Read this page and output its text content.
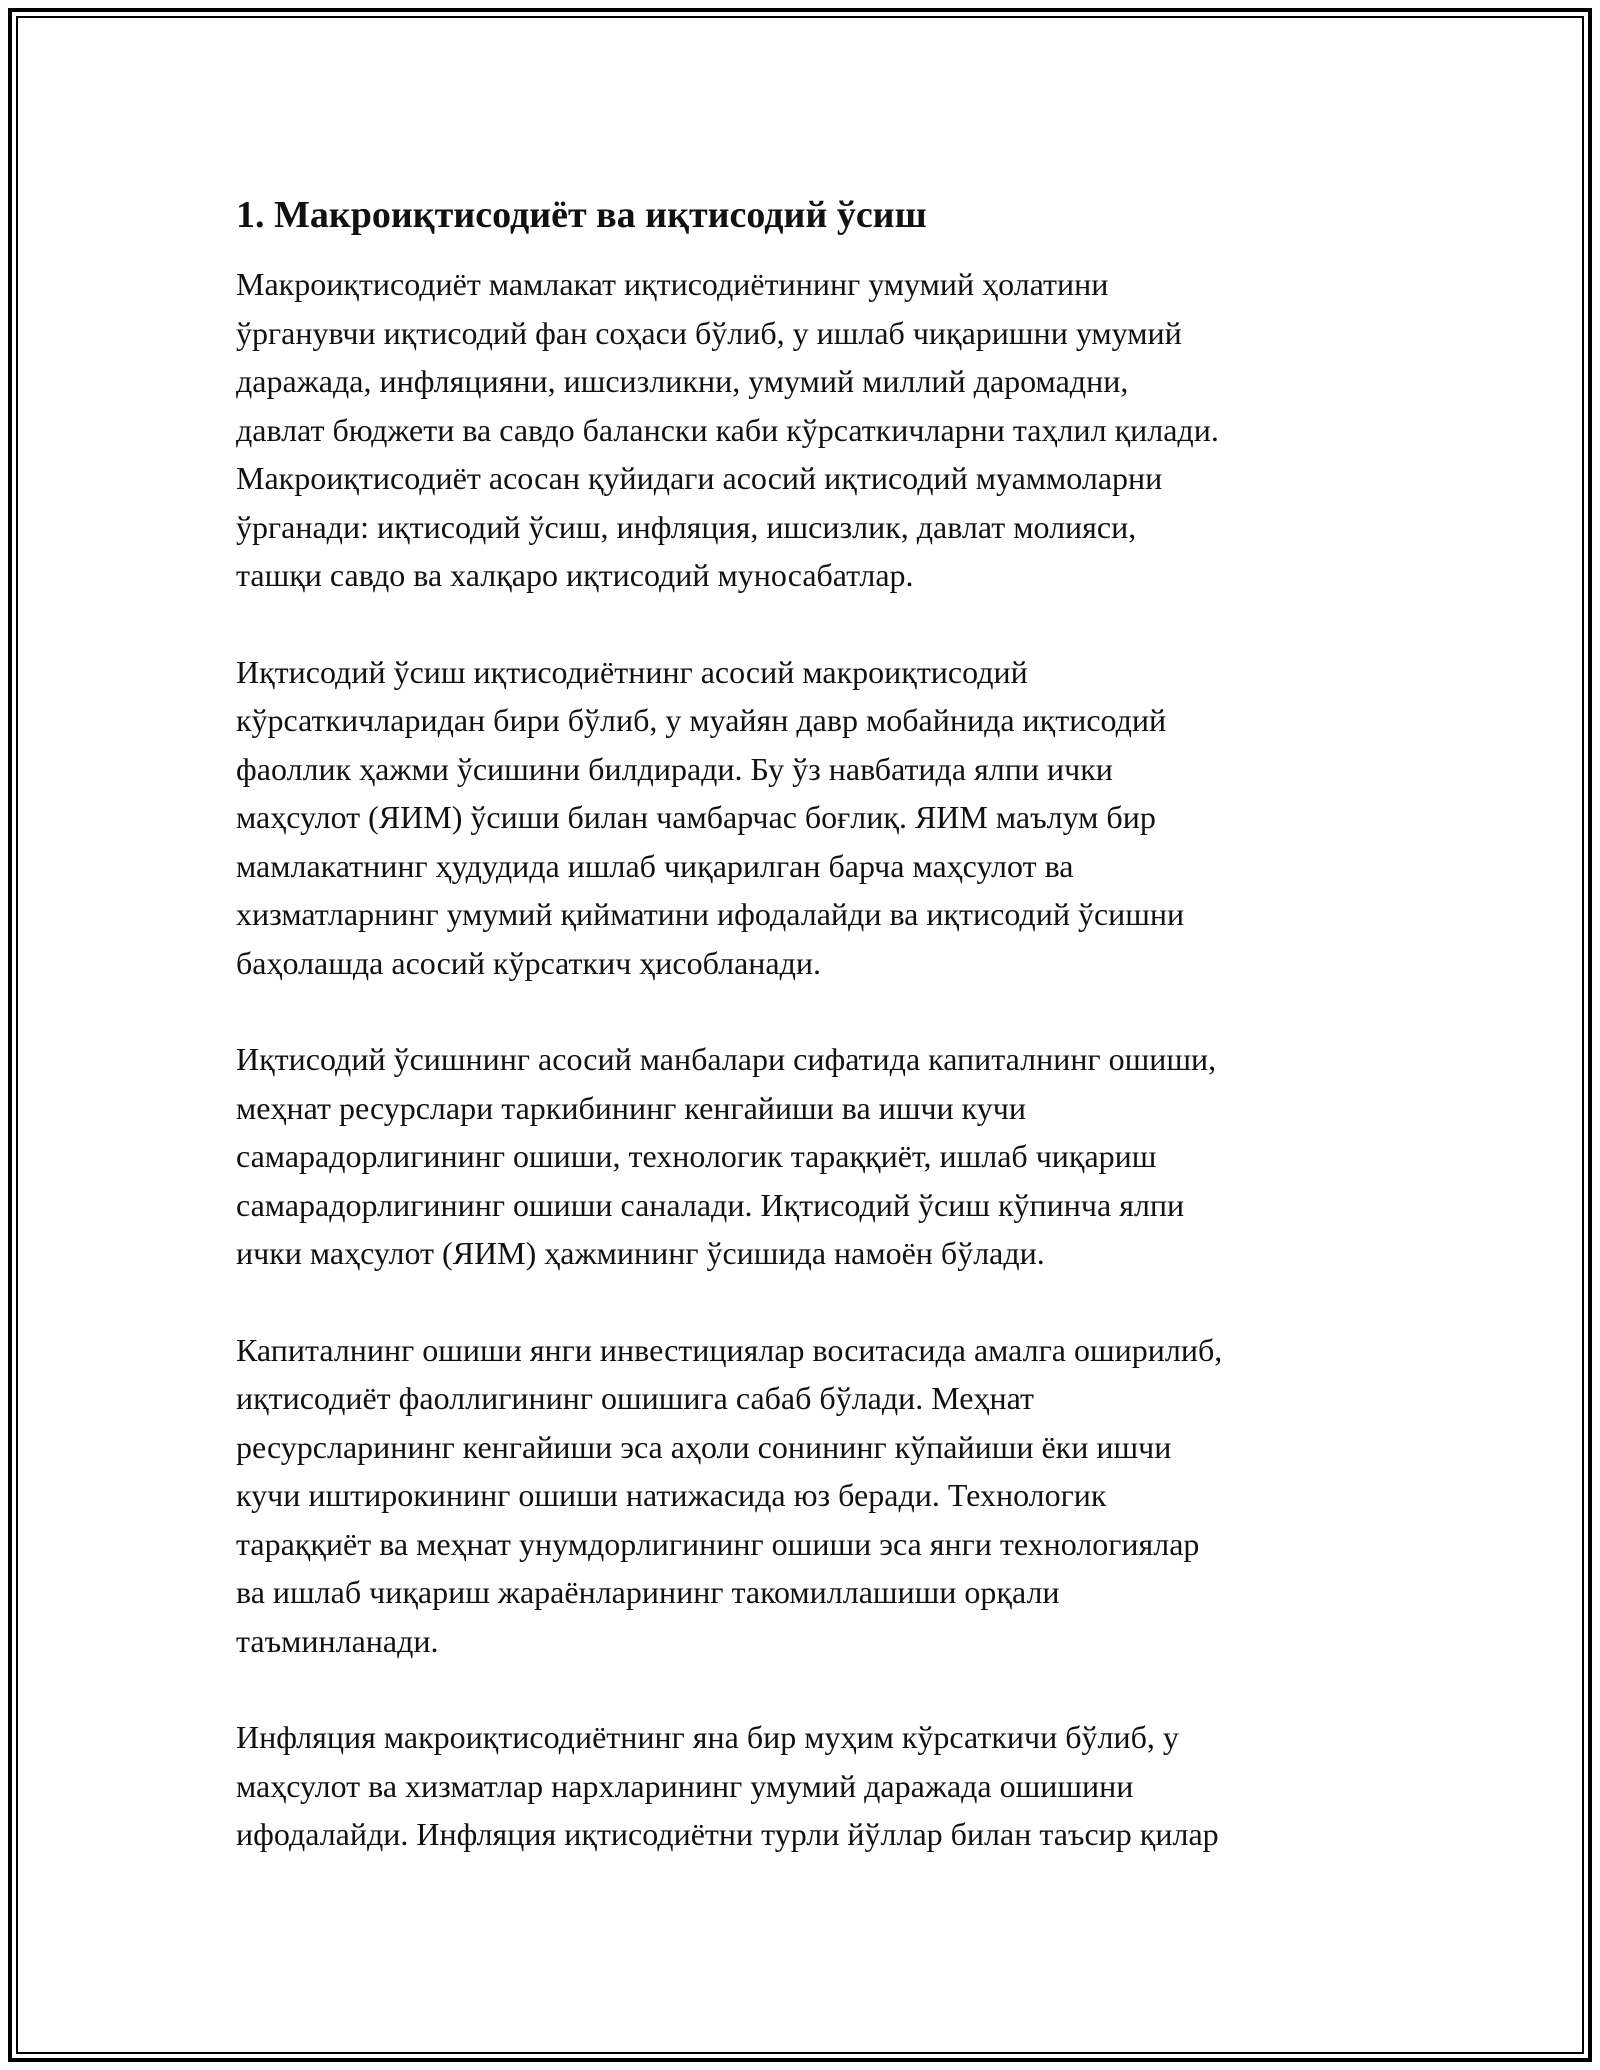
1. Макроиқтисодиёт ва иқтисодий ўсиш

Макроиқтисодиёт мамлакат иқтисодиётининг умумий ҳолатини
ўрганувчи иқтисодий фан соҳаси бўлиб, у ишлаб чиқаришни умумий
даражада, инфляцияни, ишсизликни, умумий миллий даромадни,
давлат бюджети ва савдо балански каби кўрсаткичларни таҳлил қилади.
Макроиқтисодиёт асосан қуйидаги асосий иқтисодий муаммоларни
ўрганади: иқтисодий ўсиш, инфляция, ишсизлик, давлат молияси,
ташқи савдо ва халқаро иқтисодий муносабатлар.

Иқтисодий ўсиш иқтисодиётнинг асосий макроиқтисодий
кўрсаткичларидан бири бўлиб, у муайян давр мобайнида иқтисодий
фаоллик ҳажми ўсишини билдиради. Бу ўз навбатида ялпи ички
маҳсулот (ЯИМ) ўсиши билан чамбарчас боғлиқ. ЯИМ маълум бир
мамлакатнинг ҳудудида ишлаб чиқарилган барча маҳсулот ва
хизматларнинг умумий қийматини ифодалайди ва иқтисодий ўсишни
баҳолашда асосий кўрсаткич ҳисобланади.

Иқтисодий ўсишнинг асосий манбалари сифатида капиталнинг ошиши,
меҳнат ресурслари таркибининг кенгайиши ва ишчи кучи
самарадорлигининг ошиши, технологик тараққиёт, ишлаб чиқариш
самарадорлигининг ошиши саналади. Иқтисодий ўсиш кўпинча ялпи
ички маҳсулот (ЯИМ) ҳажмининг ўсишида намоён бўлади.

Капиталнинг ошиши янги инвестициялар воситасида амалга оширилиб,
иқтисодиёт фаоллигининг ошишига сабаб бўлади. Меҳнат
ресурсларининг кенгайиши эса аҳоли сонининг кўпайиши ёки ишчи
кучи иштирокининг ошиши натижасида юз беради. Технологик
тараққиёт ва меҳнат унумдорлигининг ошиши эса янги технологиялар
ва ишлаб чиқариш жараёнларининг такомиллашиши орқали
таъминланади.

Инфляция макроиқтисодиётнинг яна бир муҳим кўрсаткичи бўлиб, у
маҳсулот ва хизматлар нархларининг умумий даражада ошишини
ифодалайди. Инфляция иқтисодиётни турли йўллар билан таъсир қилар
